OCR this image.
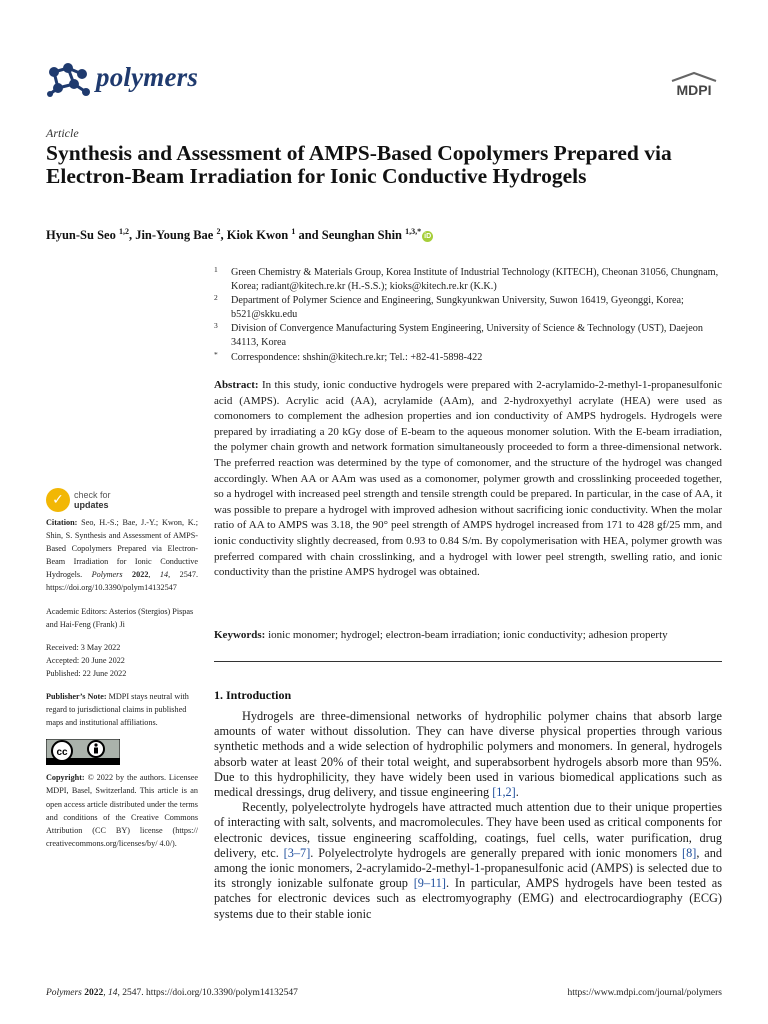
polymers	MDPI
Article
Synthesis and Assessment of AMPS-Based Copolymers Prepared via Electron-Beam Irradiation for Ionic Conductive Hydrogels
Hyun-Su Seo $^{1,2}$, Jin-Young Bae $^2$, Kiok Kwon $^1$ and Seunghan Shin $^{1,3,*}$iD
1 Green Chemistry & Materials Group, Korea Institute of Industrial Technology (KITECH), Cheonan 31056, Chungnam, Korea; radiant@kitech.re.kr (H.-S.S.); kioks@kitech.re.kr (K.K.)
2 Department of Polymer Science and Engineering, Sungkyunkwan University, Suwon 16419, Gyeonggi, Korea; b521@skku.edu
3 Division of Convergence Manufacturing System Engineering, University of Science & Technology (UST), Daejeon 34113, Korea
* Correspondence: shshin@kitech.re.kr; Tel.: +82-41-5898-422
Abstract: In this study, ionic conductive hydrogels were prepared with 2-acrylamido-2-methyl-1-propanesulfonic acid (AMPS). Acrylic acid (AA), acrylamide (AAm), and 2-hydroxyethyl acrylate (HEA) were used as comonomers to complement the adhesion properties and ion conductivity of AMPS hydrogels. Hydrogels were prepared by irradiating a 20 kGy dose of E-beam to the aqueous monomer solution. With the E-beam irradiation, the polymer chain growth and network formation simultaneously proceeded to form a three-dimensional network. The preferred reaction was determined by the type of comonomer, and the structure of the hydrogel was changed accordingly. When AA or AAm was used as a comonomer, polymer growth and crosslinking proceeded together, so a hydrogel with increased peel strength and tensile strength could be prepared. In particular, in the case of AA, it was possible to prepare a hydrogel with improved adhesion without sacrificing ionic conductivity. When the molar ratio of AA to AMPS was 3.18, the 90° peel strength of AMPS hydrogel increased from 171 to 428 gf/25 mm, and ionic conductivity slightly decreased, from 0.93 to 0.84 S/m. By copolymerisation with HEA, polymer growth was preferred compared with chain crosslinking, and a hydrogel with lower peel strength, swelling ratio, and ionic conductivity than the pristine AMPS hydrogel was obtained.
Keywords: ionic monomer; hydrogel; electron-beam irradiation; ionic conductivity; adhesion property
✓	check for
updates
Citation: Seo, H.-S.; Bae, J.-Y.; Kwon, K.; Shin, S. Synthesis and Assessment of AMPS-Based Copolymers Prepared via Electron-Beam Irradiation for Ionic Conductive Hydrogels. Polymers 2022, 14, 2547. https://doi.org/10.3390/polym14132547
Academic Editors: Asterios (Stergios) Pispas and Hai-Feng (Frank) Ji
Received: 3 May 2022
Accepted: 20 June 2022
Published: 22 June 2022
Publisher’s Note: MDPI stays neutral with regard to jurisdictional claims in published maps and institutional affiliations.
cc
Copyright: © 2022 by the authors. Licensee MDPI, Basel, Switzerland. This article is an open access article distributed under the terms and conditions of the Creative Commons Attribution (CC BY) license (https:// creativecommons.org/licenses/by/ 4.0/).
1. Introduction

Hydrogels are three-dimensional networks of hydrophilic polymer chains that absorb large amounts of water without dissolution. They can have diverse physical properties through various synthetic methods and a wide selection of hydrophilic polymers and monomers. In general, hydrogels absorb water at least 20% of their total weight, and superabsorbent hydrogels absorb more than 95%. Due to this hydrophilicity, they have widely been used in various biomedical applications such as medical dressings, drug delivery, and tissue engineering [1,2].

Recently, polyelectrolyte hydrogels have attracted much attention due to their unique properties of interacting with salt, solvents, and macromolecules. They have been used as critical components for electronic devices, tissue engineering scaffolding, coatings, fuel cells, water purification, drug delivery, etc. [3–7]. Polyelectrolyte hydrogels are generally prepared with ionic monomers [8], and among the ionic monomers, 2-acrylamido-2-methyl-1-propanesulfonic acid (AMPS) is selected due to its strongly ionizable sulfonate group [9–11]. In particular, AMPS hydrogels have been tested as patches for electronic devices such as electromyography (EMG) and electrocardiography (ECG) systems due to their stable ionic

Polymers 2022, 14, 2547. https://doi.org/10.3390/polym14132547	https://www.mdpi.com/journal/polymers
